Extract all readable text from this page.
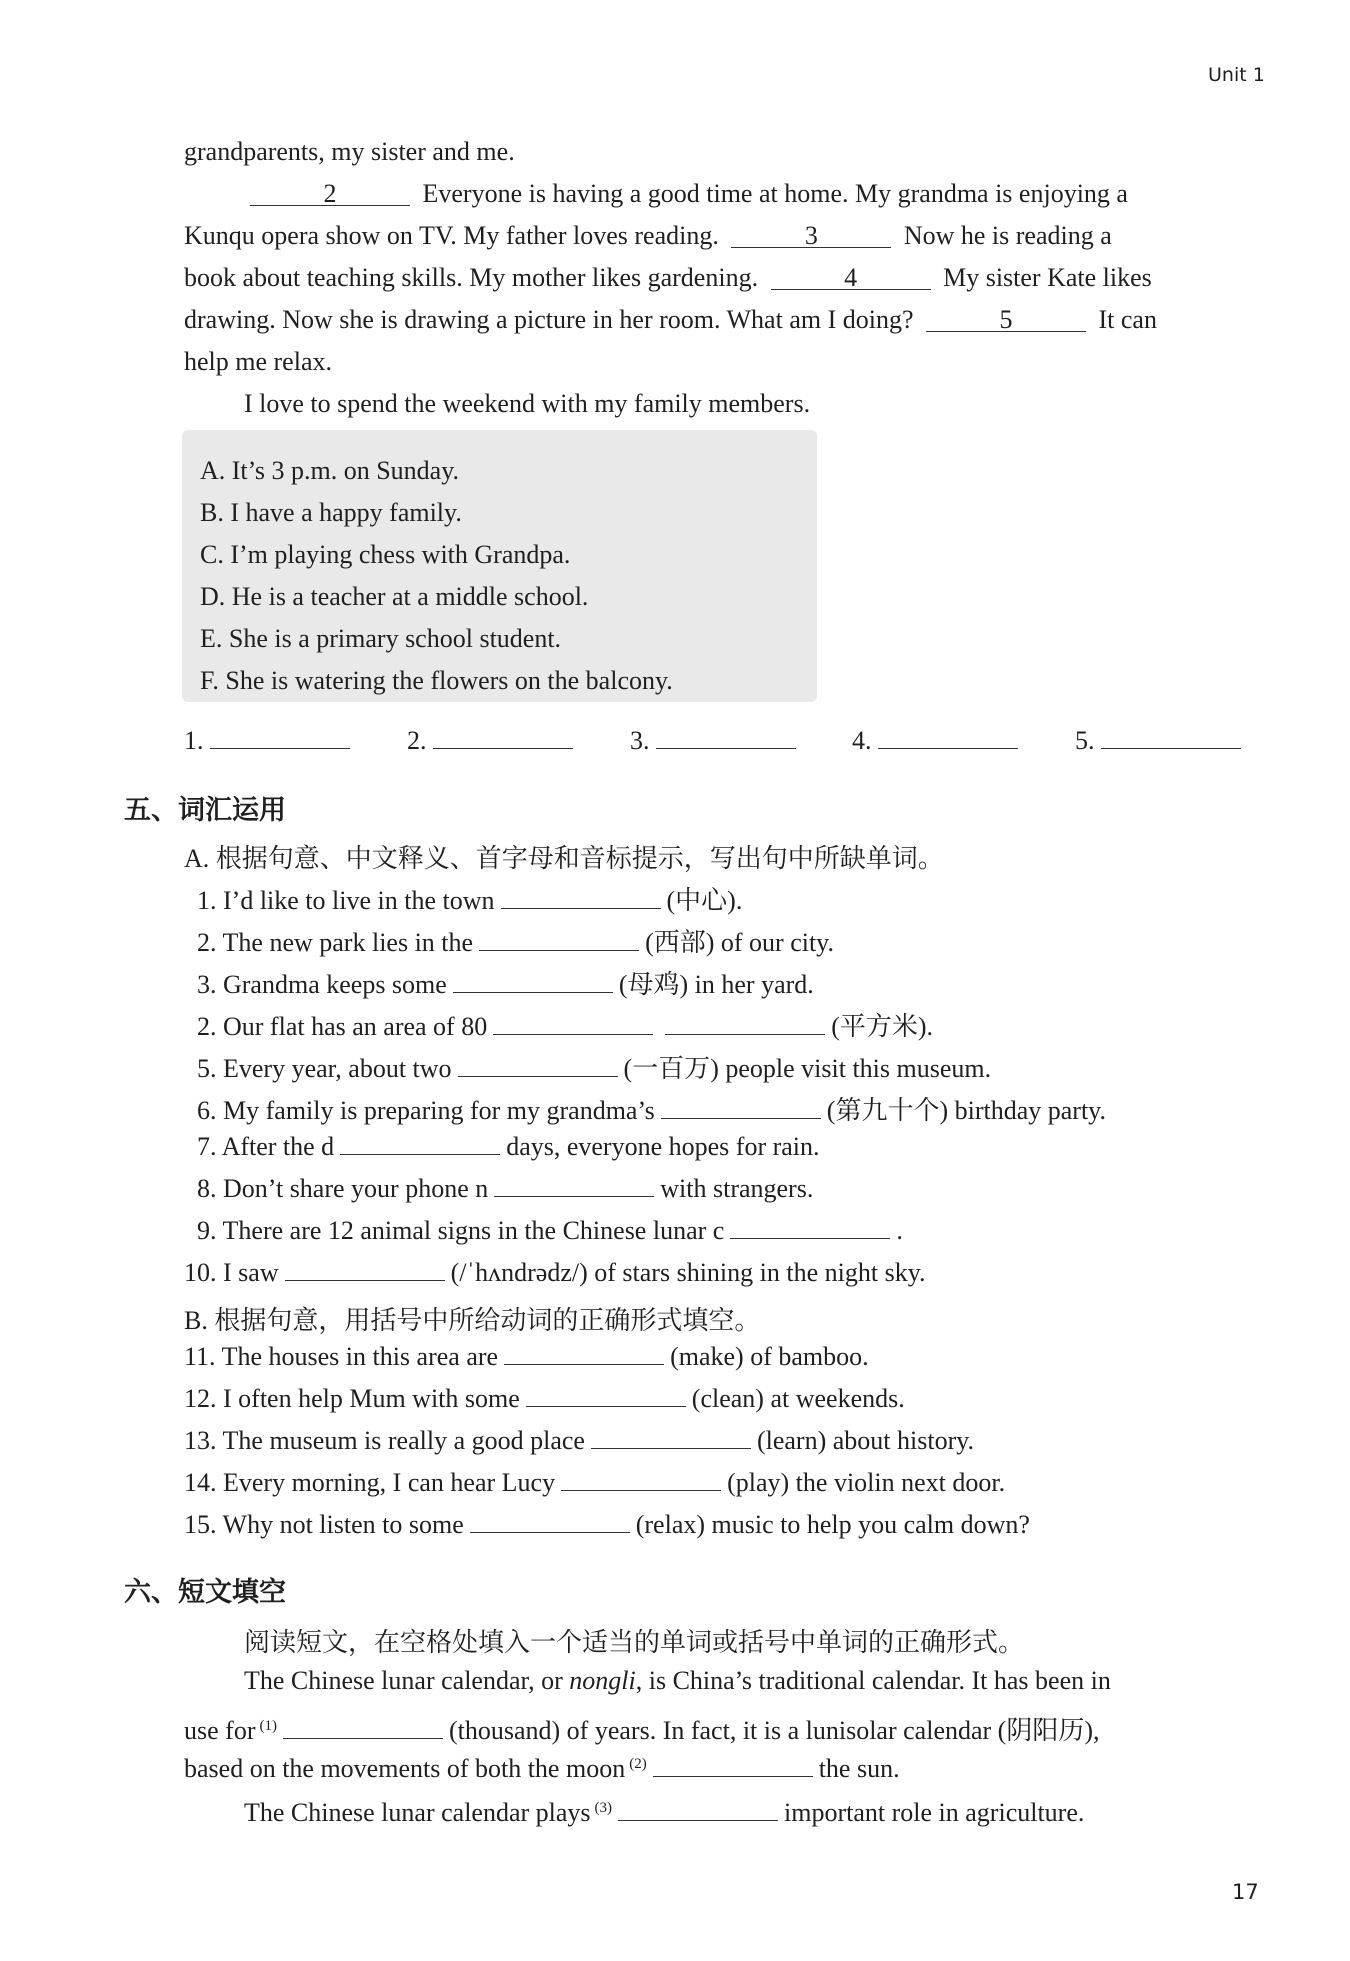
Unit 1
grandparents, my sister and me.
2	Everyone is having a good time at home. My grandma is enjoying a
Kunqu opera show on TV. My father loves reading.	3	Now he is reading a
book about teaching skills. My mother likes gardening.	4	My sister Kate likes
drawing. Now she is drawing a picture in her room. What am I doing?	5	It can
help me relax.
I love to spend the weekend with my family members.
A. It’s 3 p.m. on Sunday.
B. I have a happy family.
C. I’m playing chess with Grandpa.
D. He is a teacher at a middle school.
E. She is a primary school student.
F. She is watering the flowers on the balcony.
1.	2.	3.	4.	5.
五、词汇运用
A. 根据句意、中文释义、首字母和音标提示，写出句中所缺单词。
1. I’d like to live in the town	(中心).
2. The new park lies in the	(西部) of our city.
3. Grandma keeps some	(母鸡) in her yard.
2. Our flat has an area of 80	(平方米).
5. Every year, about two	(一百万) people visit this museum.
6. My family is preparing for my grandma’s	(第九十个) birthday party.
7. After the d	days, everyone hopes for rain.
8. Don’t share your phone n	with strangers.
9. There are 12 animal signs in the Chinese lunar c	.
10. I saw	(/ˈhʌndrədz/) of stars shining in the night sky.
B. 根据句意，用括号中所给动词的正确形式填空。
11. The houses in this area are	(make) of bamboo.
12. I often help Mum with some	(clean) at weekends.
13. The museum is really a good place	(learn) about history.
14. Every morning, I can hear Lucy	(play) the violin next door.
15. Why not listen to some	(relax) music to help you calm down?
六、短文填空
阅读短文，在空格处填入一个适当的单词或括号中单词的正确形式。
The Chinese lunar calendar, or nongli, is China’s traditional calendar. It has been in
use for $^{(1)}$	(thousand) of years. In fact, it is a lunisolar calendar (阴阳历),
based on the movements of both the moon $^{(2)}$	the sun.
The Chinese lunar calendar plays $^{(3)}$	important role in agriculture.
17
